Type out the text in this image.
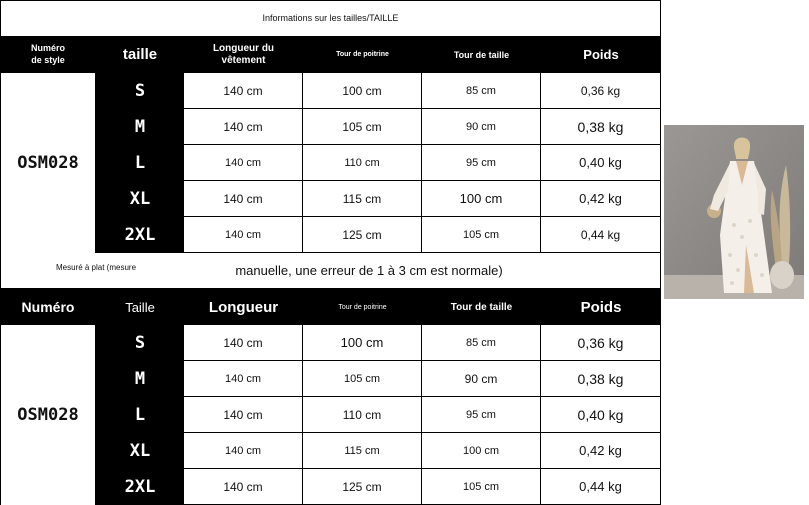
Informations sur les tailles/TAILLE
Numéro
de style	taille	Longueur du
vêtement	Tour de poitrine	Tour de taille	Poids
OSM028
S	140 cm	100 cm	85 cm	0,36 kg
M	140 cm	105 cm	90 cm	0,38 kg
L	140 cm	110 cm	95 cm	0,40 kg
XL	140 cm	115 cm	100 cm	0,42 kg
2XL	140 cm	125 cm	105 cm	0,44 kg
Mesuré à plat (mesure	manuelle, une erreur de 1 à 3 cm est normale)
Numéro	Taille	Longueur	Tour de poitrine	Tour de taille	Poids
OSM028
S	140 cm	100 cm	85 cm	0,36 kg
M	140 cm	105 cm	90 cm	0,38 kg
L	140 cm	110 cm	95 cm	0,40 kg
XL	140 cm	115 cm	100 cm	0,42 kg
2XL	140 cm	125 cm	105 cm	0,44 kg
